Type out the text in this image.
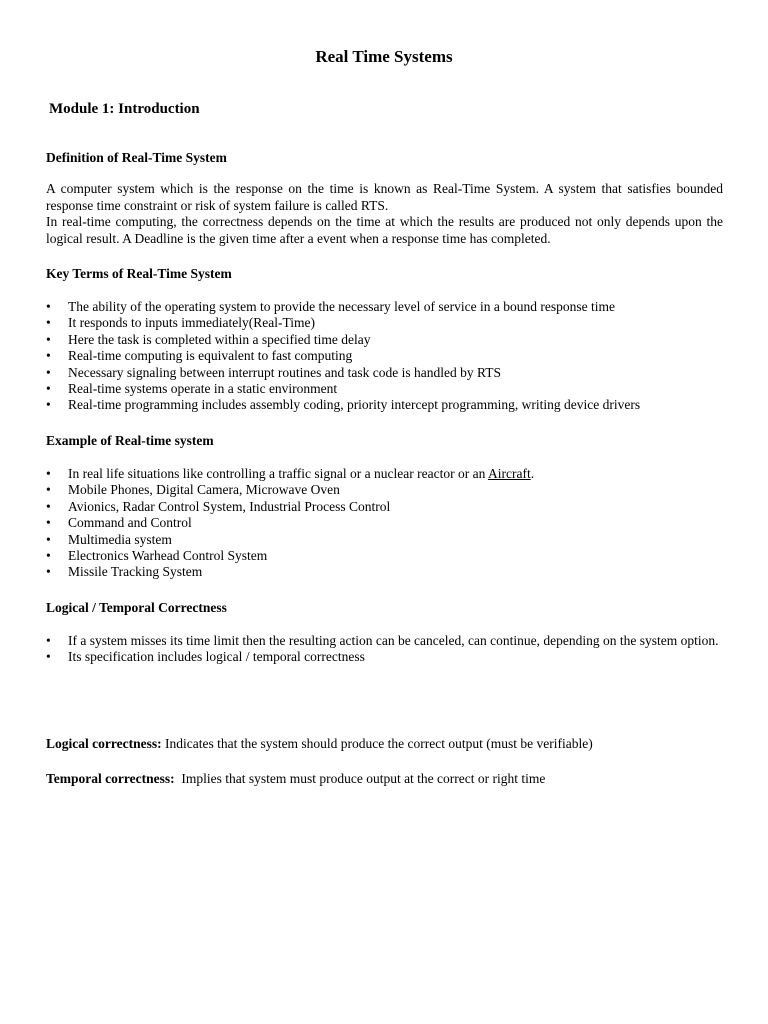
Real Time Systems
Module 1: Introduction
Definition of Real-Time System

A computer system which is the response on the time is known as Real-Time System. A system that satisfies bounded response time constraint or risk of system failure is called RTS.

In real-time computing, the correctness depends on the time at which the results are produced not only depends upon the logical result. A Deadline is the given time after a event when a response time has completed.

Key Terms of Real-Time System
• The ability of the operating system to provide the necessary level of service in a bound response time
• It responds to inputs immediately(Real-Time)
• Here the task is completed within a specified time delay
• Real-time computing is equivalent to fast computing
• Necessary signaling between interrupt routines and task code is handled by RTS
• Real-time systems operate in a static environment
• Real-time programming includes assembly coding, priority intercept programming, writing device drivers
Example of Real-time system
• In real life situations like controlling a traffic signal or a nuclear reactor or an Aircraft.
• Mobile Phones, Digital Camera, Microwave Oven
• Avionics, Radar Control System, Industrial Process Control
• Command and Control
• Multimedia system
• Electronics Warhead Control System
• Missile Tracking System
Logical / Temporal Correctness
• If a system misses its time limit then the resulting action can be canceled, can continue, depending on the system option.
• Its specification includes logical / temporal correctness
Logical correctness: Indicates that the system should produce the correct output (must be verifiable)
Temporal correctness:  Implies that system must produce output at the correct or right time
